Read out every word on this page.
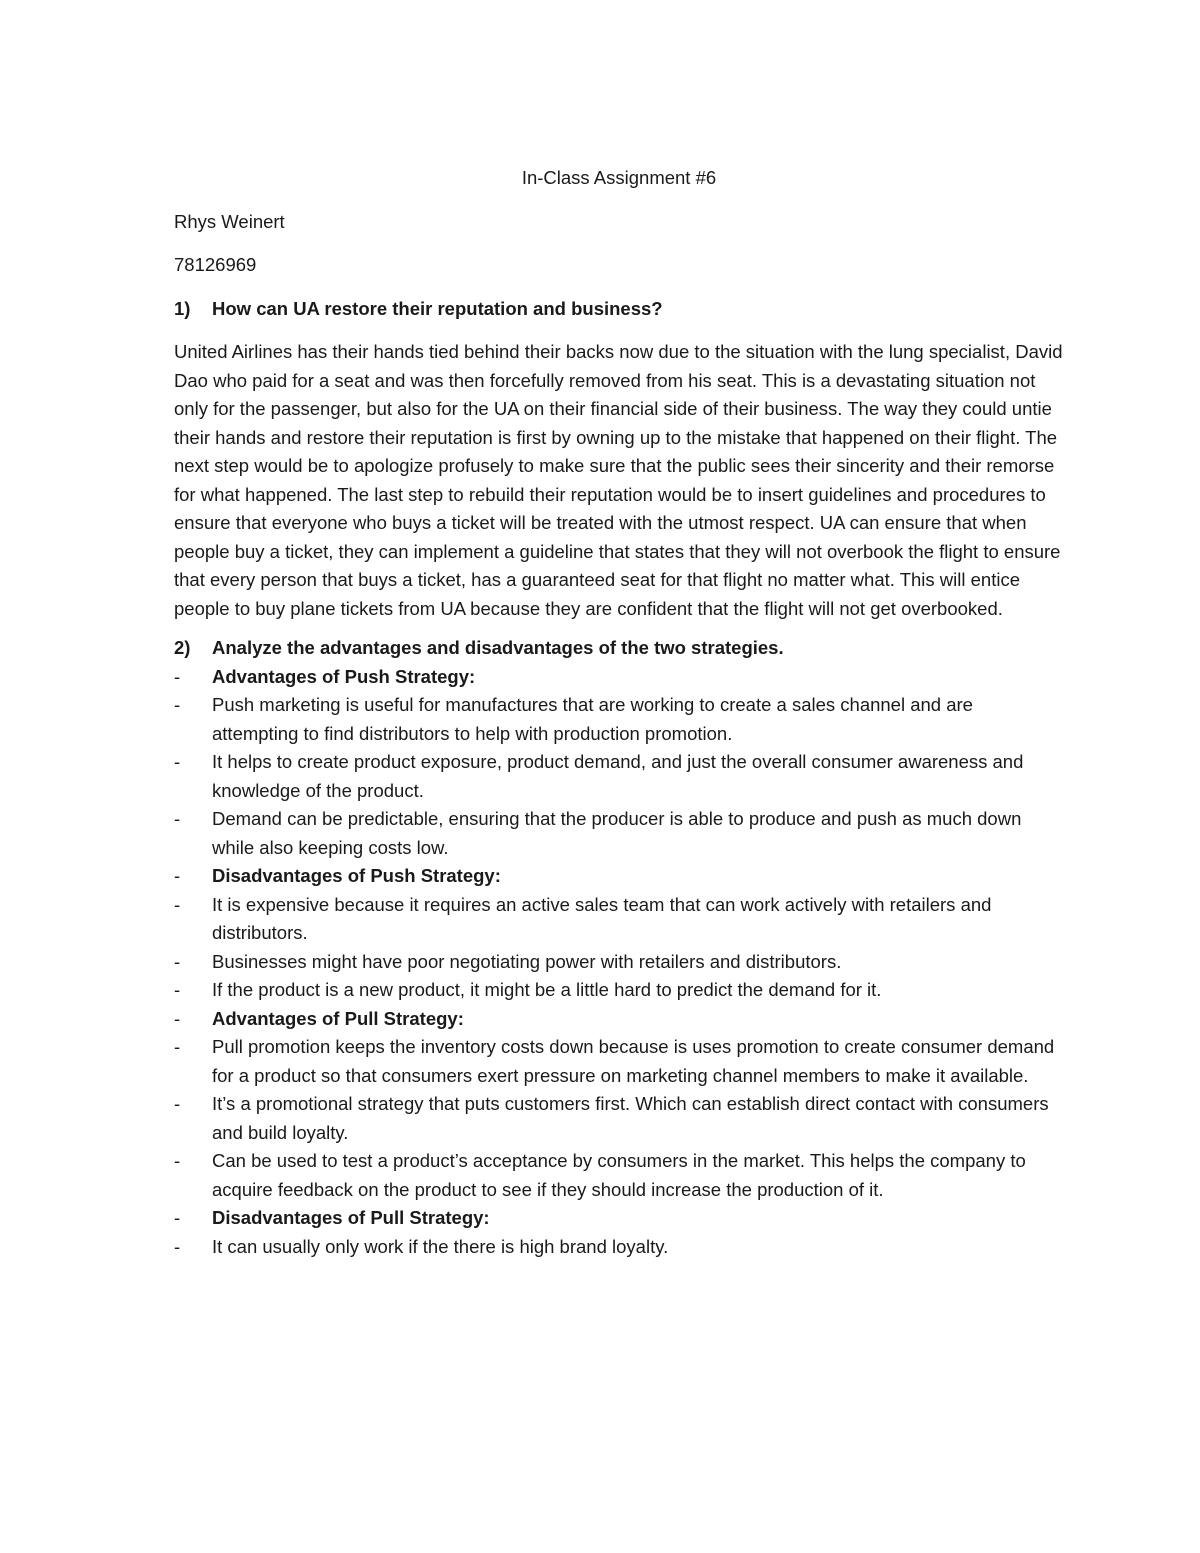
In-Class Assignment #6
Rhys Weinert
78126969
1)	How can UA restore their reputation and business?

United Airlines has their hands tied behind their backs now due to the situation with the lung specialist, David Dao who paid for a seat and was then forcefully removed from his seat. This is a devastating situation not only for the passenger, but also for the UA on their financial side of their business. The way they could untie their hands and restore their reputation is first by owning up to the mistake that happened on their flight. The next step would be to apologize profusely to make sure that the public sees their sincerity and their remorse for what happened. The last step to rebuild their reputation would be to insert guidelines and procedures to ensure that everyone who buys a ticket will be treated with the utmost respect. UA can ensure that when people buy a ticket, they can implement a guideline that states that they will not overbook the flight to ensure that every person that buys a ticket, has a guaranteed seat for that flight no matter what. This will entice people to buy plane tickets from UA because they are confident that the flight will not get overbooked.

2)	Analyze the advantages and disadvantages of the two strategies.
-	Advantages of Push Strategy:
-	Push marketing is useful for manufactures that are working to create a sales channel and are attempting to find distributors to help with production promotion.
-	It helps to create product exposure, product demand, and just the overall consumer awareness and knowledge of the product.
-	Demand can be predictable, ensuring that the producer is able to produce and push as much down while also keeping costs low.
-	Disadvantages of Push Strategy:
-	It is expensive because it requires an active sales team that can work actively with retailers and distributors.
-	Businesses might have poor negotiating power with retailers and distributors.
-	If the product is a new product, it might be a little hard to predict the demand for it.
-	Advantages of Pull Strategy:
-	Pull promotion keeps the inventory costs down because is uses promotion to create consumer demand for a product so that consumers exert pressure on marketing channel members to make it available.
-	It’s a promotional strategy that puts customers first. Which can establish direct contact with consumers and build loyalty.
-	Can be used to test a product’s acceptance by consumers in the market. This helps the company to acquire feedback on the product to see if they should increase the production of it.
-	Disadvantages of Pull Strategy:
-	It can usually only work if the there is high brand loyalty.
